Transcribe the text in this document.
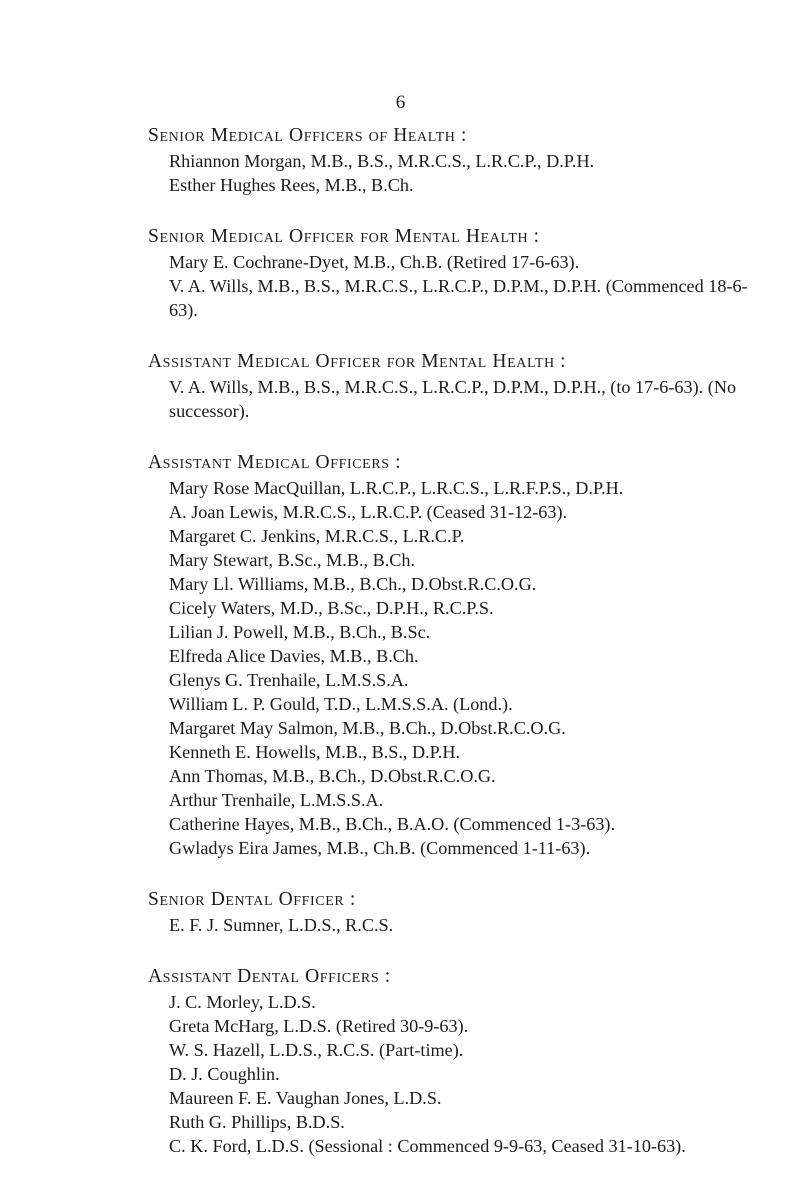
6
Senior Medical Officers of Health :
Rhiannon Morgan, M.B., B.S., M.R.C.S., L.R.C.P., D.P.H.
Esther Hughes Rees, M.B., B.Ch.
Senior Medical Officer for Mental Health :
Mary E. Cochrane-Dyet, M.B., Ch.B. (Retired 17-6-63).
V. A. Wills, M.B., B.S., M.R.C.S., L.R.C.P., D.P.M., D.P.H. (Commenced 18-6-63).
Assistant Medical Officer for Mental Health :
V. A. Wills, M.B., B.S., M.R.C.S., L.R.C.P., D.P.M., D.P.H., (to 17-6-63). (No successor).
Assistant Medical Officers :
Mary Rose MacQuillan, L.R.C.P., L.R.C.S., L.R.F.P.S., D.P.H.
A. Joan Lewis, M.R.C.S., L.R.C.P. (Ceased 31-12-63).
Margaret C. Jenkins, M.R.C.S., L.R.C.P.
Mary Stewart, B.Sc., M.B., B.Ch.
Mary Ll. Williams, M.B., B.Ch., D.Obst.R.C.O.G.
Cicely Waters, M.D., B.Sc., D.P.H., R.C.P.S.
Lilian J. Powell, M.B., B.Ch., B.Sc.
Elfreda Alice Davies, M.B., B.Ch.
Glenys G. Trenhaile, L.M.S.S.A.
William L. P. Gould, T.D., L.M.S.S.A. (Lond.).
Margaret May Salmon, M.B., B.Ch., D.Obst.R.C.O.G.
Kenneth E. Howells, M.B., B.S., D.P.H.
Ann Thomas, M.B., B.Ch., D.Obst.R.C.O.G.
Arthur Trenhaile, L.M.S.S.A.
Catherine Hayes, M.B., B.Ch., B.A.O. (Commenced 1-3-63).
Gwladys Eira James, M.B., Ch.B. (Commenced 1-11-63).
Senior Dental Officer :
E. F. J. Sumner, L.D.S., R.C.S.
Assistant Dental Officers :
J. C. Morley, L.D.S.
Greta McHarg, L.D.S. (Retired 30-9-63).
W. S. Hazell, L.D.S., R.C.S. (Part-time).
D. J. Coughlin.
Maureen F. E. Vaughan Jones, L.D.S.
Ruth G. Phillips, B.D.S.
C. K. Ford, L.D.S. (Sessional : Commenced 9-9-63, Ceased 31-10-63).
